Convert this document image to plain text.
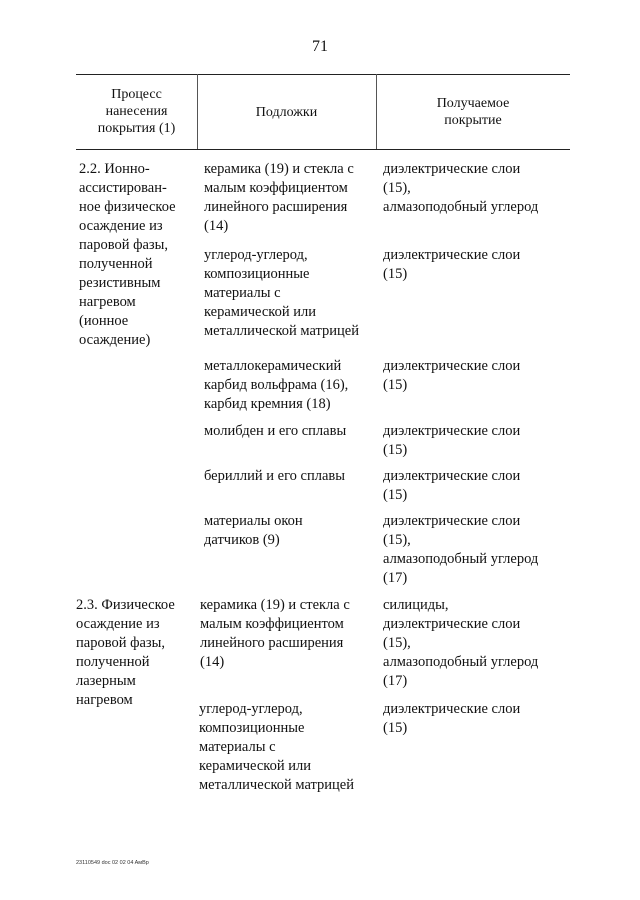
71
Процесс
нанесения
покрытия (1)
Подложки
Получаемое
покрытие
2.2. Ионно-
ассистирован-
ное физическое
осаждение из
паровой фазы,
полученной
резистивным
нагревом
(ионное
осаждение)
керамика (19) и стекла с
малым коэффициентом
линейного расширения
(14)
диэлектрические слои
(15),
алмазоподобный углерод
углерод-углерод,
композиционные
материалы с
керамической или
металлической матрицей
диэлектрические слои
(15)
металлокерамический
карбид вольфрама (16),
карбид кремния (18)
диэлектрические слои
(15)
молибден и его сплавы	диэлектрические слои
(15)
бериллий и его сплавы	диэлектрические слои
(15)
материалы окон
датчиков (9)
диэлектрические слои
(15),
алмазоподобный углерод
(17)
2.3. Физическое
осаждение из
паровой фазы,
полученной
лазерным
нагревом
керамика (19) и стекла с
малым коэффициентом
линейного расширения
(14)
силициды,
диэлектрические слои
(15),
алмазоподобный углерод
(17)
углерод-углерод,
композиционные
материалы с
керамической или
металлической матрицей
диэлектрические слои
(15)
23110549 doc 02 02 04 AмBp
